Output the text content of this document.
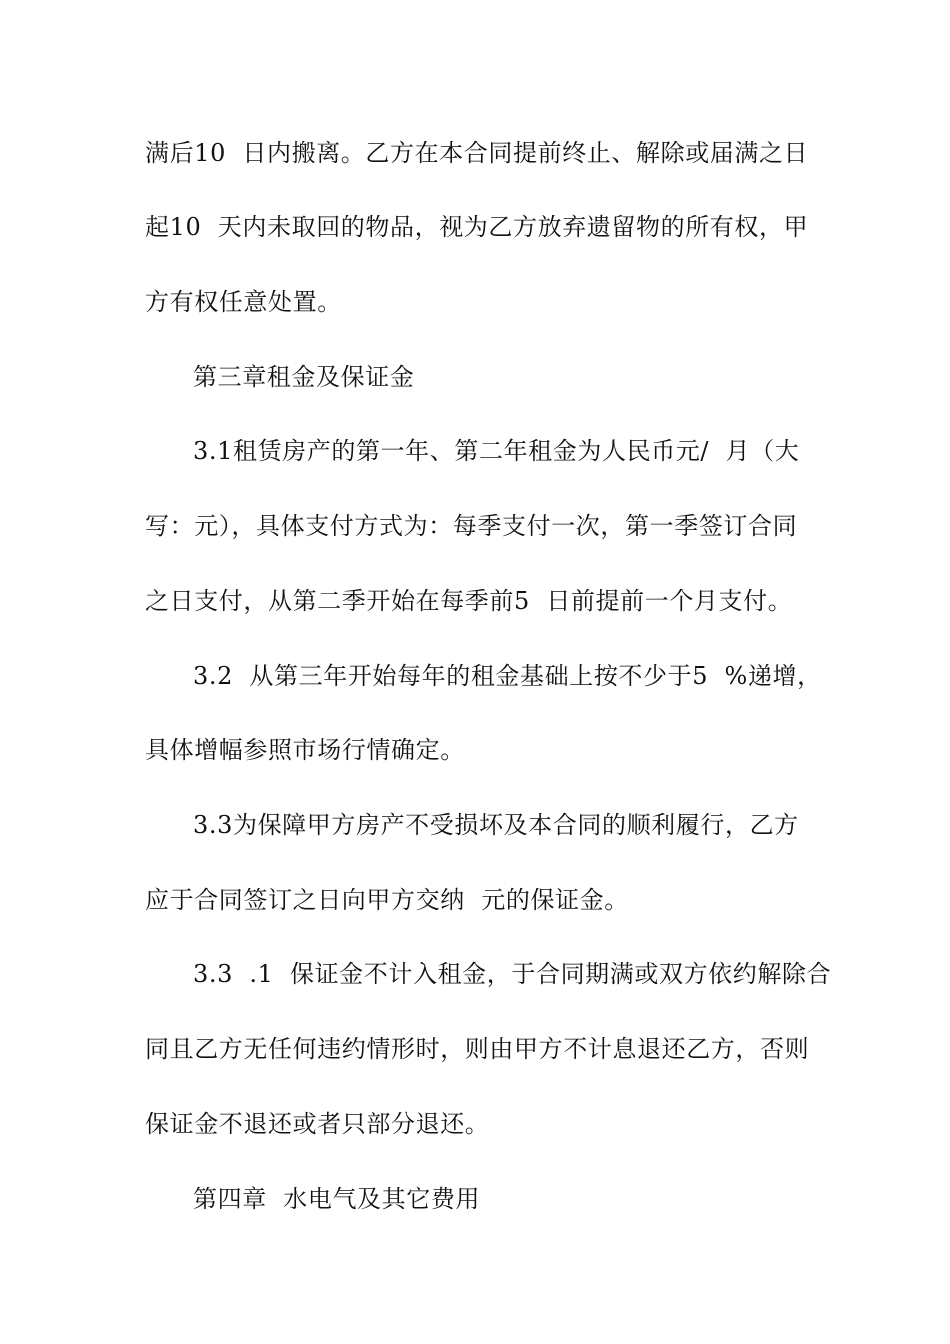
满后10  日内搬离。乙方在本合同提前终止、解除或届满之日
起10  天内未取回的物品，视为乙方放弃遗留物的所有权，甲
方有权任意处置。
第三章租金及保证金
3.1租赁房产的第一年、第二年租金为人民币元/  月（大
写：元），具体支付方式为：每季支付一次，第一季签订合同
之日支付，从第二季开始在每季前5  日前提前一个月支付。
3.2  从第三年开始每年的租金基础上按不少于5  %递增，
具体增幅参照市场行情确定。
3.3为保障甲方房产不受损坏及本合同的顺利履行，乙方
应于合同签订之日向甲方交纳  元的保证金。
3.3  .1  保证金不计入租金，于合同期满或双方依约解除合
同且乙方无任何违约情形时，则由甲方不计息退还乙方，否则
保证金不退还或者只部分退还。
第四章  水电气及其它费用
